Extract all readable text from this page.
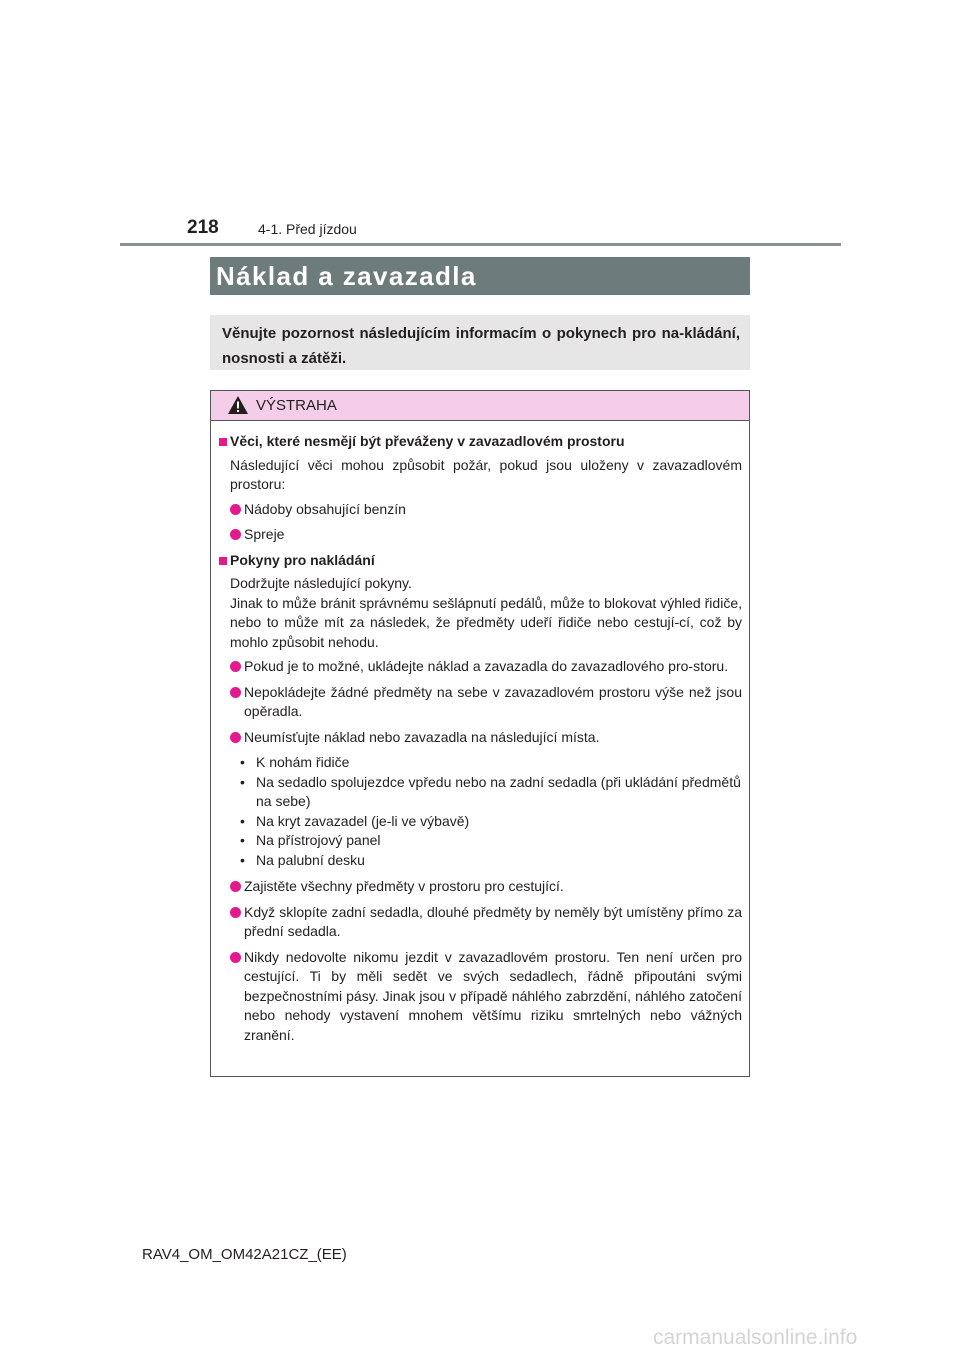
218	4-1. Před jízdou
Náklad a zavazadla
Věnujte pozornost následujícím informacím o pokynech pro na-kládání, nosnosti a zátěži.
VÝSTRAHA
Věci, které nesmějí být převáženy v zavazadlovém prostoru
Následující věci mohou způsobit požár, pokud jsou uloženy v zavazadlovém prostoru:
Nádoby obsahující benzín
Spreje
Pokyny pro nakládání
Dodržujte následující pokyny.
Jinak to může bránit správnému sešlápnutí pedálů, může to blokovat výhled řidiče, nebo to může mít za následek, že předměty udeří řidiče nebo cestují-cí, což by mohlo způsobit nehodu.
Pokud je to možné, ukládejte náklad a zavazadla do zavazadlového pro-storu.
Nepokládejte žádné předměty na sebe v zavazadlovém prostoru výše než jsou opěradla.
Neumísťujte náklad nebo zavazadla na následující místa.
• K nohám řidiče
• Na sedadlo spolujezdce vpředu nebo na zadní sedadla (při ukládání předmětů na sebe)
• Na kryt zavazadel (je-li ve výbavě)
• Na přístrojový panel
• Na palubní desku
Zajistěte všechny předměty v prostoru pro cestující.
Když sklopíte zadní sedadla, dlouhé předměty by neměly být umístěny přímo za přední sedadla.
Nikdy nedovolte nikomu jezdit v zavazadlovém prostoru. Ten není určen pro cestující. Ti by měli sedět ve svých sedadlech, řádně připoutáni svými bezpečnostními pásy. Jinak jsou v případě náhlého zabrzdění, náhlého zatočení nebo nehody vystavení mnohem většímu riziku smrtelných nebo vážných zranění.
RAV4_OM_OM42A21CZ_(EE)
carmanualsonline.info
